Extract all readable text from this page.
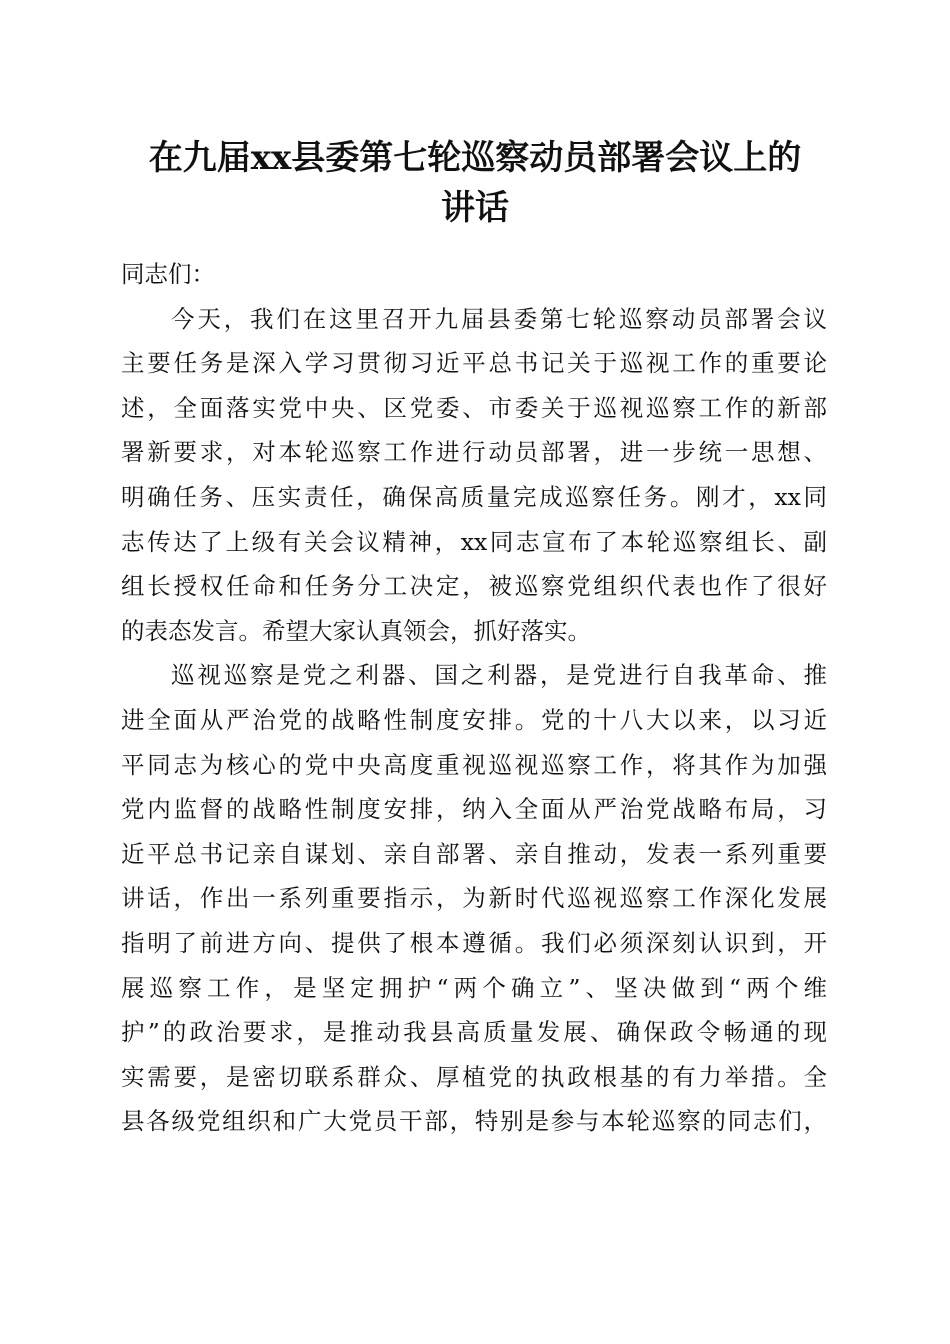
在九届xx县委第七轮巡察动员部署会议上的
讲话
同志们：
今天，我们在这里召开九届县委第七轮巡察动员部署会议
主要任务是深入学习贯彻习近平总书记关于巡视工作的重要论
述，全面落实党中央、区党委、市委关于巡视巡察工作的新部
署新要求，对本轮巡察工作进行动员部署，进一步统一思想、
明确任务、压实责任，确保高质量完成巡察任务。刚才，xx同
志传达了上级有关会议精神，xx同志宣布了本轮巡察组长、副
组长授权任命和任务分工决定，被巡察党组织代表也作了很好
的表态发言。希望大家认真领会，抓好落实。
巡视巡察是党之利器、国之利器，是党进行自我革命、推
进全面从严治党的战略性制度安排。党的十八大以来，以习近
平同志为核心的党中央高度重视巡视巡察工作，将其作为加强
党内监督的战略性制度安排，纳入全面从严治党战略布局，习
近平总书记亲自谋划、亲自部署、亲自推动，发表一系列重要
讲话，作出一系列重要指示，为新时代巡视巡察工作深化发展
指明了前进方向、提供了根本遵循。我们必须深刻认识到，开
展巡察工作，是坚定拥护“两个确立”、坚决做到“两个维
护”的政治要求，是推动我县高质量发展、确保政令畅通的现
实需要，是密切联系群众、厚植党的执政根基的有力举措。全
县各级党组织和广大党员干部，特别是参与本轮巡察的同志们，
